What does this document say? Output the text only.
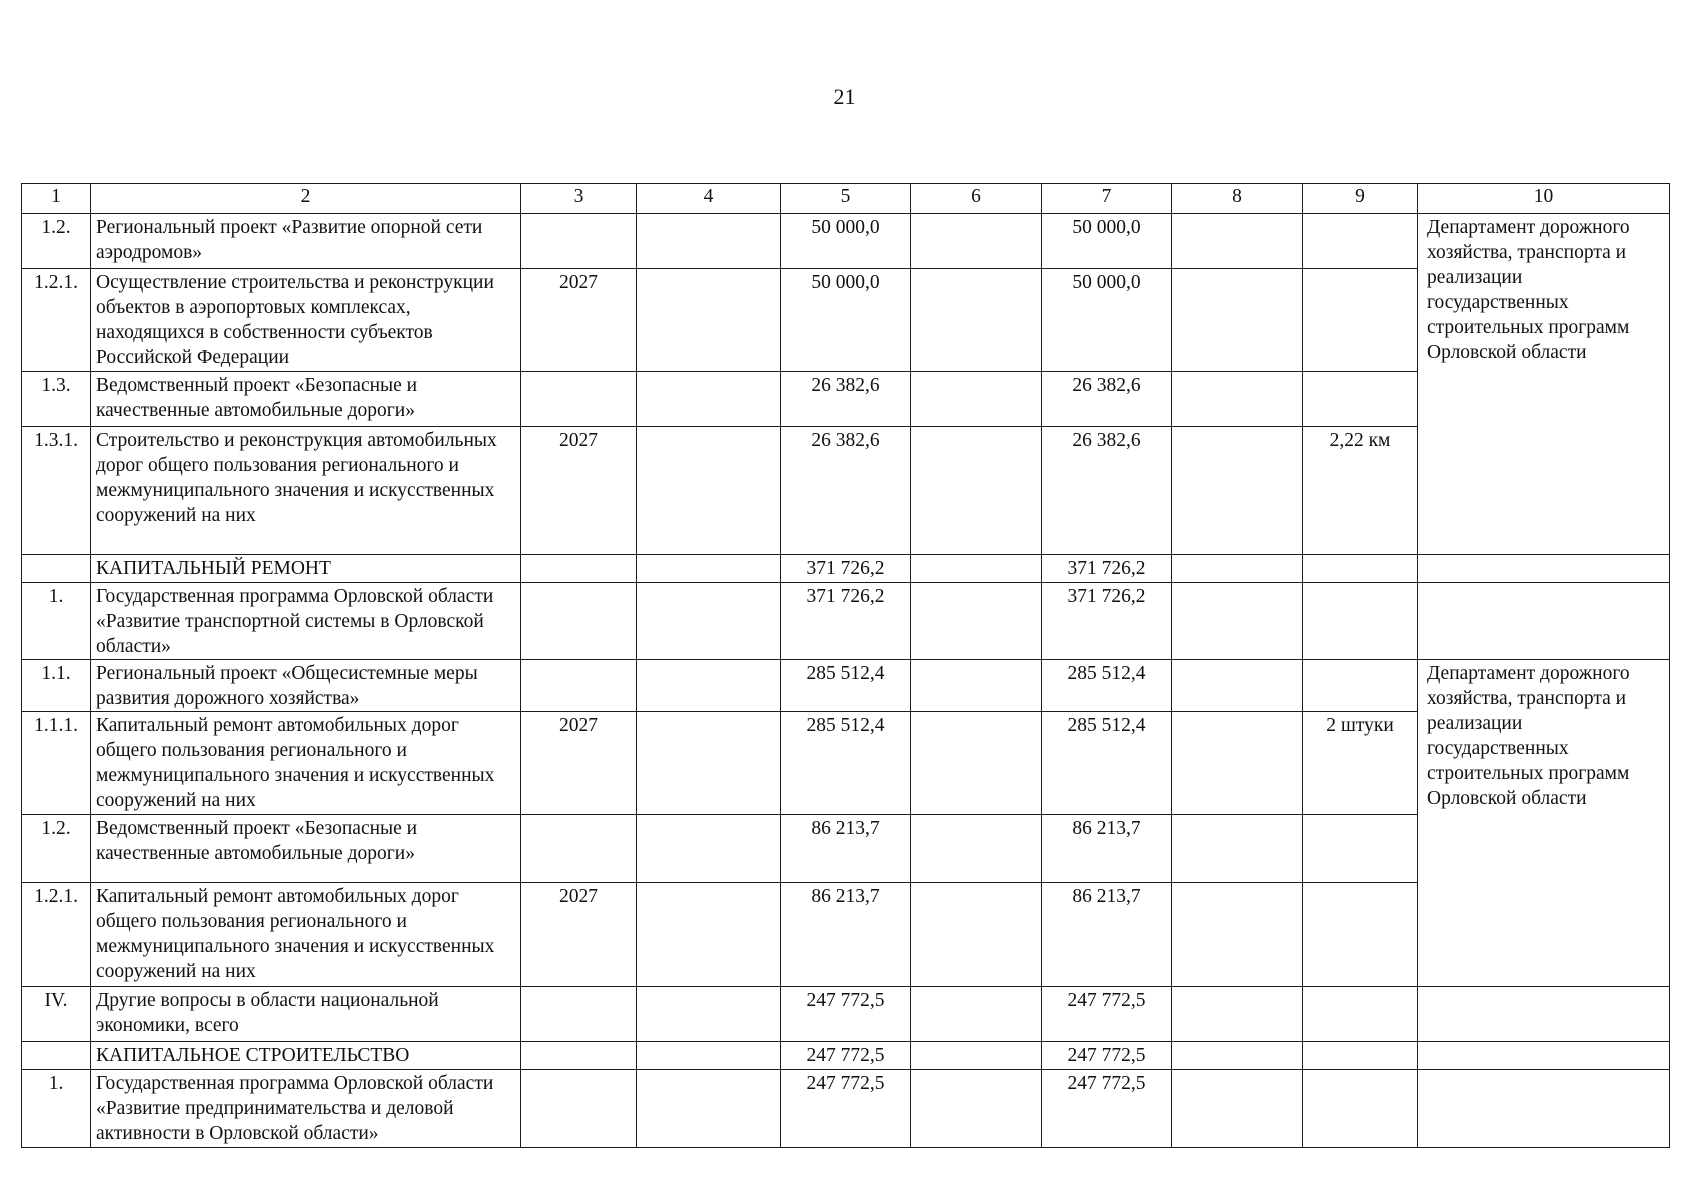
21
1	2	3	4	5	6	7	8	9	10
1.2.	Региональный проект «Развитие опорной сети аэродромов»			50 000,0		50 000,0			Департамент дорожного хозяйства, транспорта и реализации государственных строительных программ Орловской области
1.2.1.	Осуществление строительства и реконструкции объектов в аэропортовых комплексах, находящихся в собственности субъектов Российской Федерации	2027		50 000,0		50 000,0			
1.3.	Ведомственный проект «Безопасные и качественные автомобильные дороги»			26 382,6		26 382,6			
1.3.1.	Строительство и реконструкция автомобильных дорог общего пользования регионального и межмуниципального значения и искусственных сооружений на них	2027		26 382,6		26 382,6		2,22 км	
	КАПИТАЛЬНЫЙ РЕМОНТ			371 726,2		371 726,2			
1.	Государственная программа Орловской области «Развитие транспортной системы в Орловской области»			371 726,2		371 726,2			
1.1.	Региональный проект «Общесистемные меры развития дорожного хозяйства»			285 512,4		285 512,4			Департамент дорожного хозяйства, транспорта и реализации государственных строительных программ Орловской области
1.1.1.	Капитальный ремонт автомобильных дорог общего пользования регионального и межмуниципального значения и искусственных сооружений на них	2027		285 512,4		285 512,4		2 штуки	
1.2.	Ведомственный проект «Безопасные и качественные автомобильные дороги»			86 213,7		86 213,7			
1.2.1.	Капитальный ремонт автомобильных дорог общего пользования регионального и межмуниципального значения и искусственных сооружений на них	2027		86 213,7		86 213,7			
IV.	Другие вопросы в области национальной экономики, всего			247 772,5		247 772,5			
	КАПИТАЛЬНОЕ СТРОИТЕЛЬСТВО			247 772,5		247 772,5			
1.	Государственная программа Орловской области «Развитие предпринимательства и деловой активности в Орловской области»			247 772,5		247 772,5			
